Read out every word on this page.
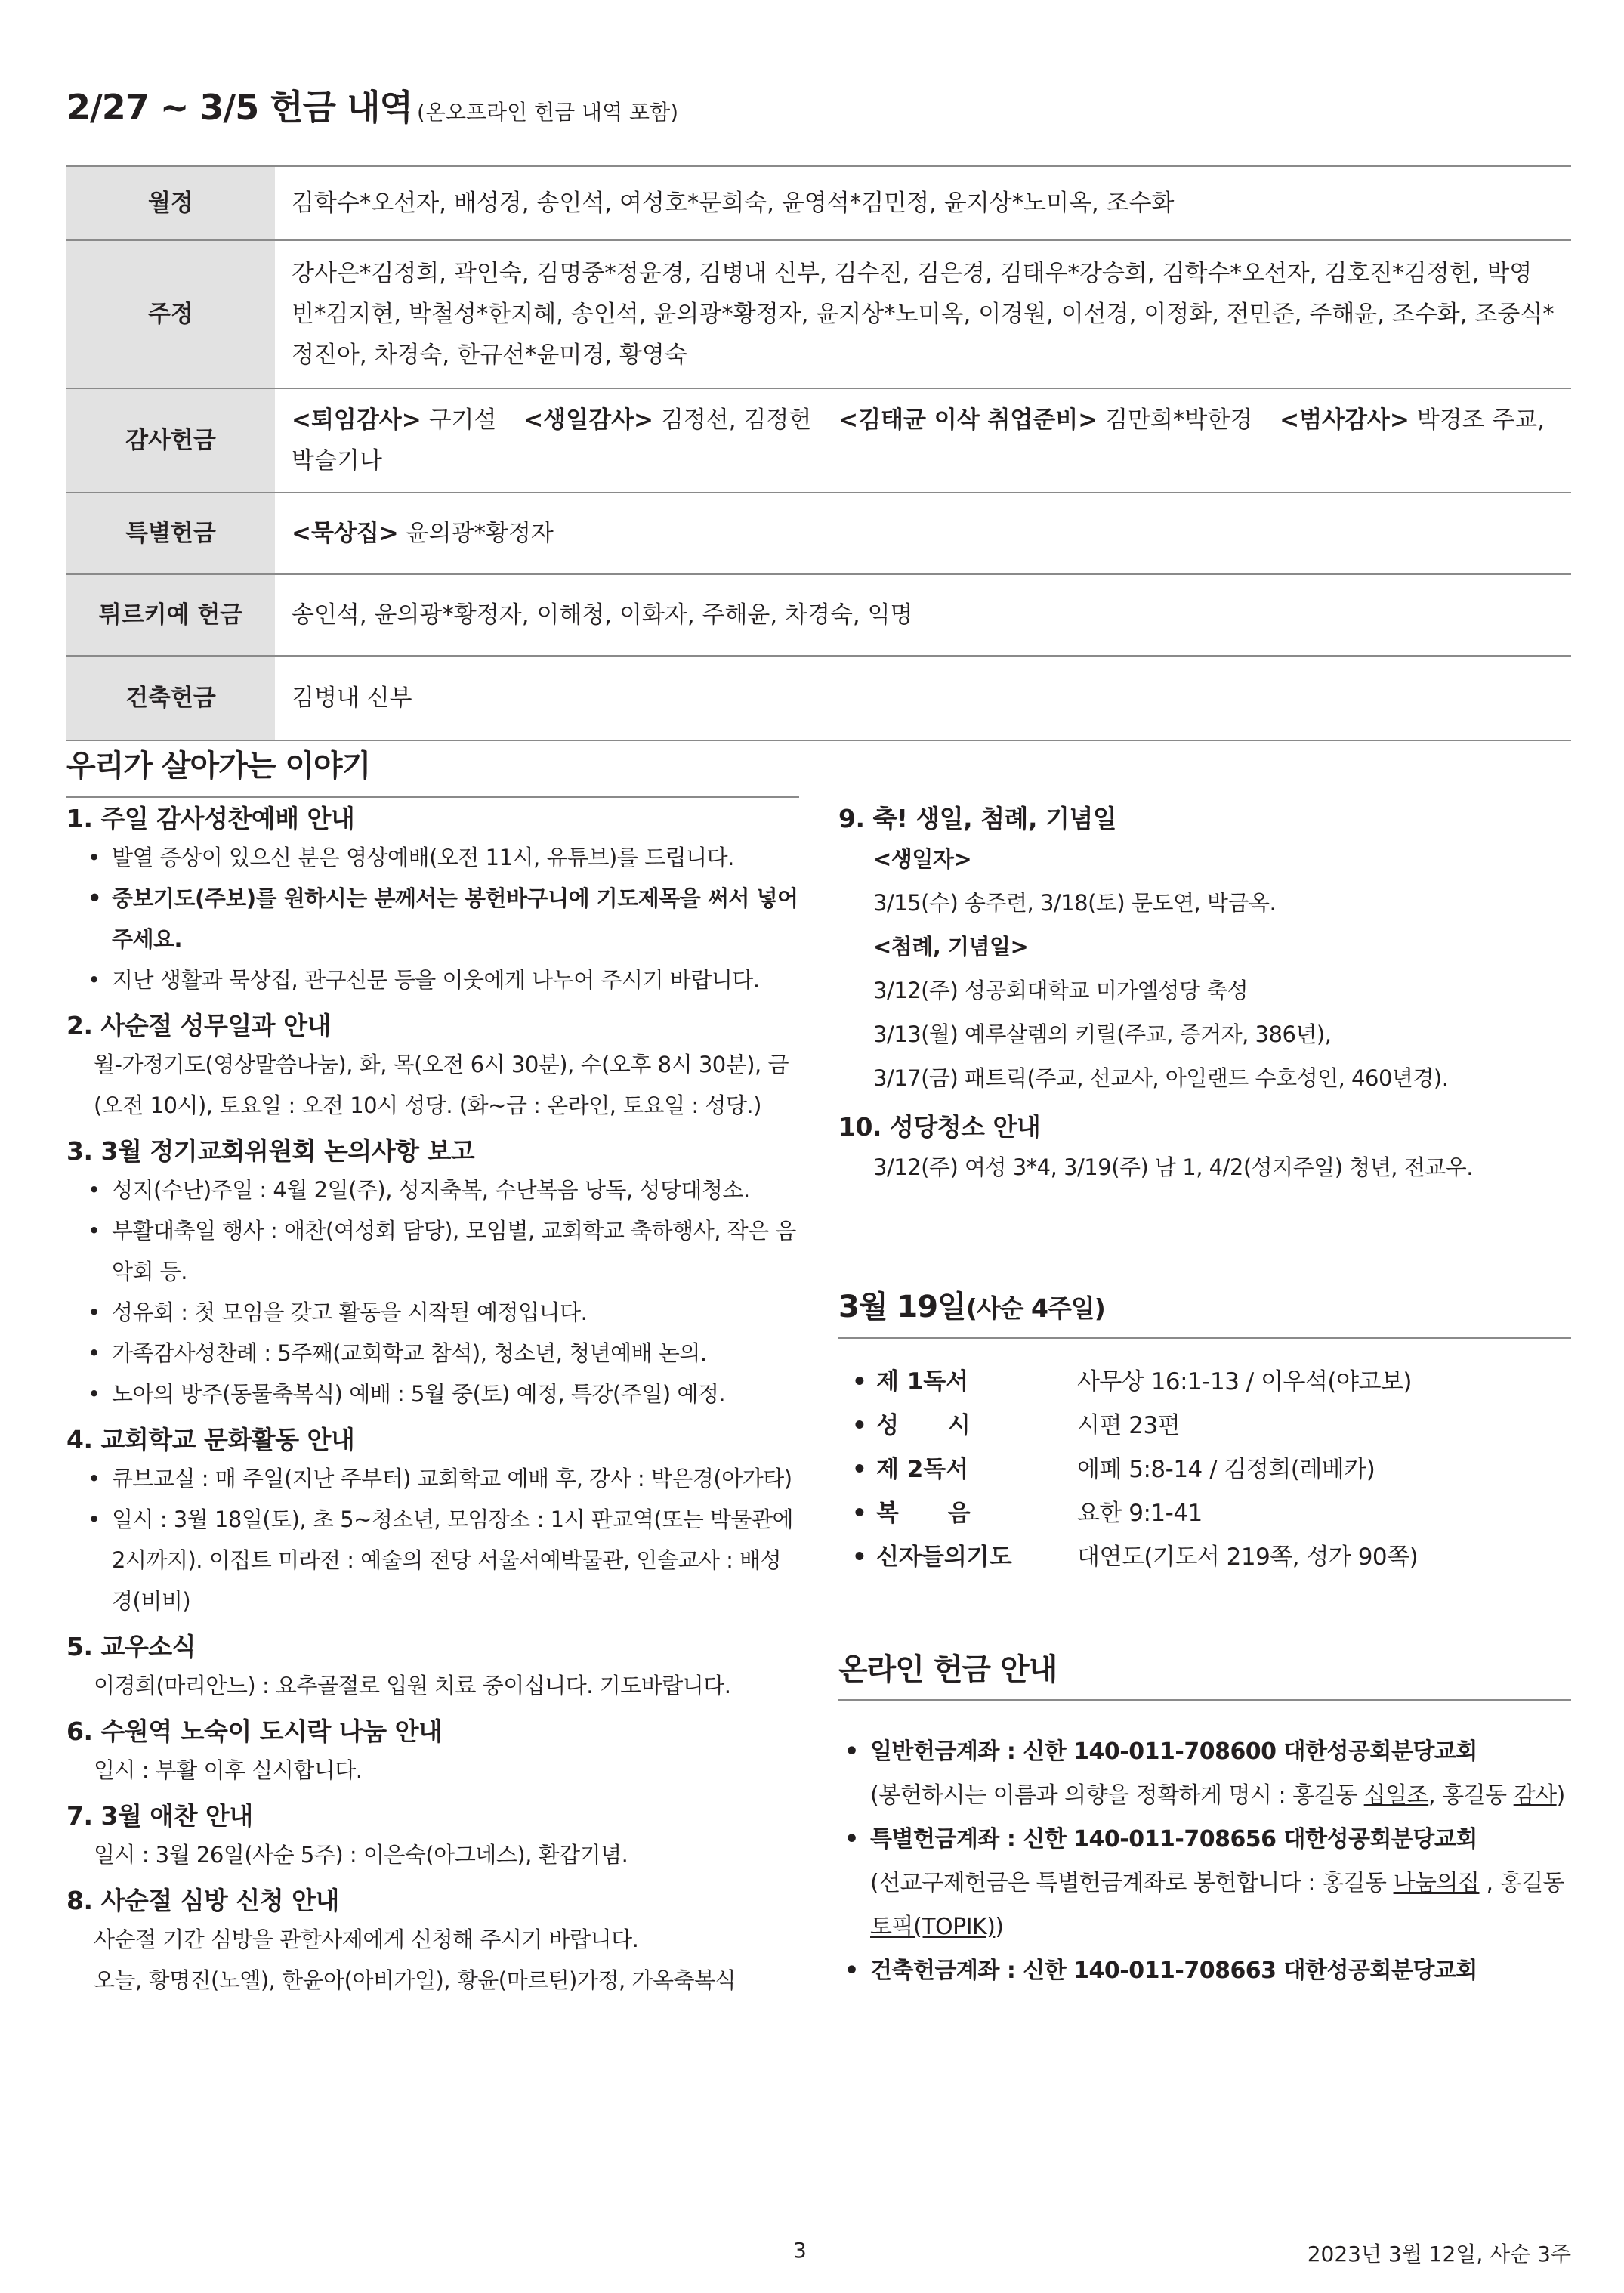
2/27 ~ 3/5 헌금 내역 (온오프라인 헌금 내역 포함)
월정	김학수*오선자, 배성경, 송인석, 여성호*문희숙, 윤영석*김민정, 윤지상*노미옥, 조수화
주정	강사은*김정희, 곽인숙, 김명중*정윤경, 김병내 신부, 김수진, 김은경, 김태우*강승희, 김학수*오선자, 김호진*김정헌, 박영빈*김지현, 박철성*한지혜, 송인석, 윤의광*황정자, 윤지상*노미옥, 이경원, 이선경, 이정화, 전민준, 주해윤, 조수화, 조중식*정진아, 차경숙, 한규선*윤미경, 황영숙
감사헌금	<퇴임감사> 구기설 <생일감사> 김정선, 김정헌 <김태균 이삭 취업준비> 김만희*박한경 <범사감사> 박경조 주교, 박슬기나
특별헌금	<묵상집> 윤의광*황정자
튀르키예 헌금	송인석, 윤의광*황정자, 이해청, 이화자, 주해윤, 차경숙, 익명
건축헌금	김병내 신부
우리가 살아가는 이야기
1. 주일 감사성찬예배 안내
• 발열 증상이 있으신 분은 영상예배(오전 11시, 유튜브)를 드립니다.
• 중보기도(주보)를 원하시는 분께서는 봉헌바구니에 기도제목을 써서 넣어주세요.
• 지난 생활과 묵상집, 관구신문 등을 이웃에게 나누어 주시기 바랍니다.
2. 사순절 성무일과 안내
월-가정기도(영상말씀나눔), 화, 목(오전 6시 30분), 수(오후 8시 30분), 금(오전 10시), 토요일 : 오전 10시 성당. (화~금 : 온라인, 토요일 : 성당.)
3. 3월 정기교회위원회 논의사항 보고
• 성지(수난)주일 : 4월 2일(주), 성지축복, 수난복음 낭독, 성당대청소.
• 부활대축일 행사 : 애찬(여성회 담당), 모임별, 교회학교 축하행사, 작은 음악회 등.
• 성유회 : 첫 모임을 갖고 활동을 시작될 예정입니다.
• 가족감사성찬례 : 5주째(교회학교 참석), 청소년, 청년예배 논의.
• 노아의 방주(동물축복식) 예배 : 5월 중(토) 예정, 특강(주일) 예정.
4. 교회학교 문화활동 안내
• 큐브교실 : 매 주일(지난 주부터) 교회학교 예배 후, 강사 : 박은경(아가타)
• 일시 : 3월 18일(토), 초 5~청소년, 모임장소 : 1시 판교역(또는 박물관에 2시까지). 이집트 미라전 : 예술의 전당 서울서예박물관, 인솔교사 : 배성경(비비)
5. 교우소식
이경희(마리안느) : 요추골절로 입원 치료 중이십니다. 기도바랍니다.
6. 수원역 노숙이 도시락 나눔 안내
일시 : 부활 이후 실시합니다.
7. 3월 애찬 안내
일시 : 3월 26일(사순 5주) : 이은숙(아그네스), 환갑기념.
8. 사순절 심방 신청 안내
사순절 기간 심방을 관할사제에게 신청해 주시기 바랍니다.
오늘, 황명진(노엘), 한윤아(아비가일), 황윤(마르틴)가정, 가옥축복식
9. 축! 생일, 첨례, 기념일
<생일자>
3/15(수) 송주련, 3/18(토) 문도연, 박금옥.
<첨례, 기념일>
3/12(주) 성공회대학교 미가엘성당 축성
3/13(월) 예루살렘의 키릴(주교, 증거자, 386년),
3/17(금) 패트릭(주교, 선교사, 아일랜드 수호성인, 460년경).
10. 성당청소 안내
3/12(주) 여성 3*4, 3/19(주) 남 1, 4/2(성지주일) 청년, 전교우.
3월 19일(사순 4주일)
• 제 1독서	사무상 16:1-13 / 이우석(야고보)
• 성      시	시편 23편
• 제 2독서	에페 5:8-14 / 김정희(레베카)
• 복      음	요한 9:1-41
• 신자들의기도	대연도(기도서 219쪽, 성가 90쪽)
온라인 헌금 안내
• 일반헌금계좌 : 신한 140-011-708600 대한성공회분당교회
(봉헌하시는 이름과 의향을 정확하게 명시 : 홍길동 십일조, 홍길동 감사)
• 특별헌금계좌 : 신한 140-011-708656 대한성공회분당교회
(선교구제헌금은 특별헌금계좌로 봉헌합니다 : 홍길동 나눔의집 , 홍길동 토픽(TOPIK))
• 건축헌금계좌 : 신한 140-011-708663 대한성공회분당교회
3	2023년 3월 12일, 사순 3주
